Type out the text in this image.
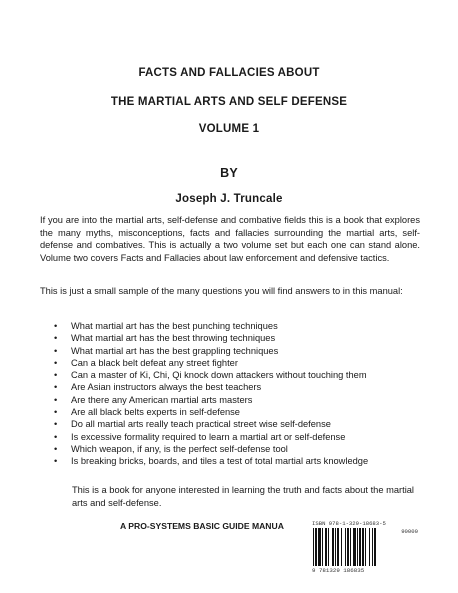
FACTS AND FALLACIES ABOUT
THE MARTIAL ARTS AND SELF DEFENSE
VOLUME 1
BY
Joseph J. Truncale

If you are into the martial arts, self-defense and combative fields this is a book that explores the many myths, misconceptions, facts and fallacies surrounding the martial arts, self-defense and combatives. This is actually a two volume set but each one can stand alone. Volume two covers Facts and Fallacies about law enforcement and defensive tactics.

This is just a small sample of the many questions you will find answers to in this manual:

• What martial art has the best punching techniques
• What martial art has the best throwing techniques
• What martial art has the best grappling techniques
• Can a black belt defeat any street fighter
• Can a master of Ki, Chi, Qi knock down attackers without touching them
• Are Asian instructors always the best teachers
• Are there any American martial arts masters
• Are all black belts experts in self-defense
• Do all martial arts really teach practical street wise self-defense
• Is excessive formality required to learn a martial art or self-defense
• Which weapon, if any, is the perfect self-defense tool
• Is breaking bricks, boards, and tiles a test of total martial arts knowledge

This is a book for anyone interested in learning the truth and facts about the martial arts and self-defense.

A PRO-SYSTEMS BASIC GUIDE MANUA	ISBN 978-1-329-18683-5
90000
9 781329 186835
